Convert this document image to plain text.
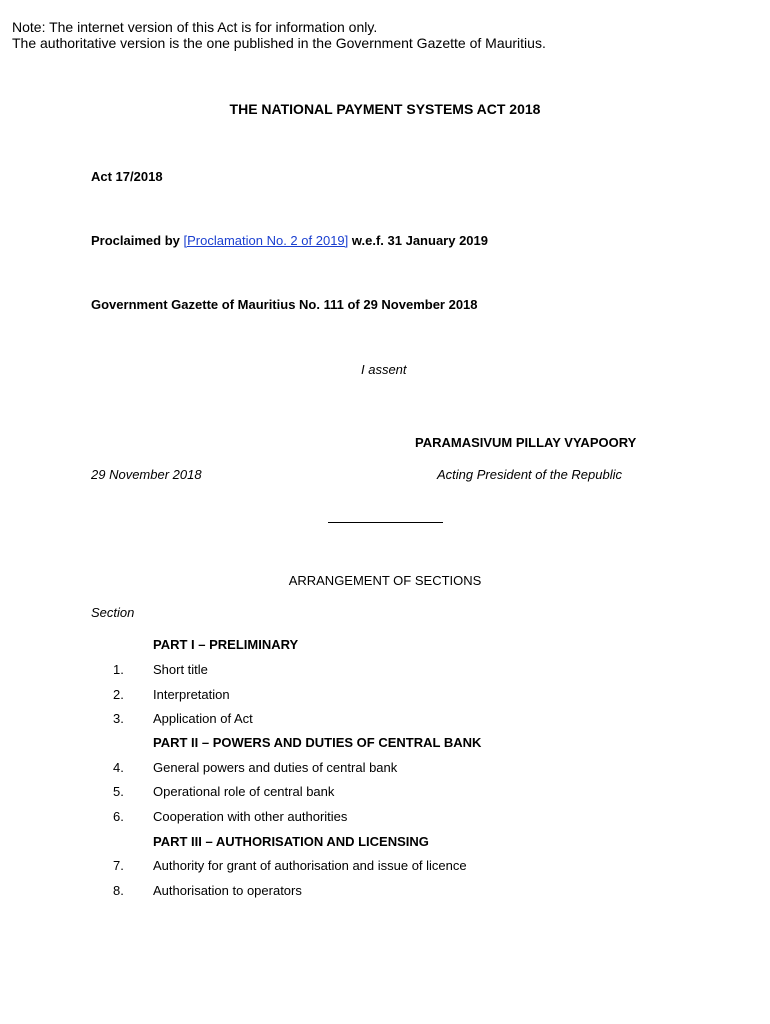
Note: The internet version of this Act is for information only.
The authoritative version is the one published in the Government Gazette of Mauritius.
THE NATIONAL PAYMENT SYSTEMS ACT 2018
Act 17/2018
Proclaimed by [Proclamation No. 2 of 2019] w.e.f. 31 January 2019
Government Gazette of Mauritius No. 111 of 29 November 2018
I assent
PARAMASIVUM PILLAY VYAPOORY
29 November 2018	Acting President of the Republic
ARRANGEMENT OF SECTIONS
Section
PART I – PRELIMINARY
1. Short title
2. Interpretation
3. Application of Act
PART II – POWERS AND DUTIES OF CENTRAL BANK
4. General powers and duties of central bank
5. Operational role of central bank
6. Cooperation with other authorities
PART III – AUTHORISATION AND LICENSING
7. Authority for grant of authorisation and issue of licence
8. Authorisation to operators
